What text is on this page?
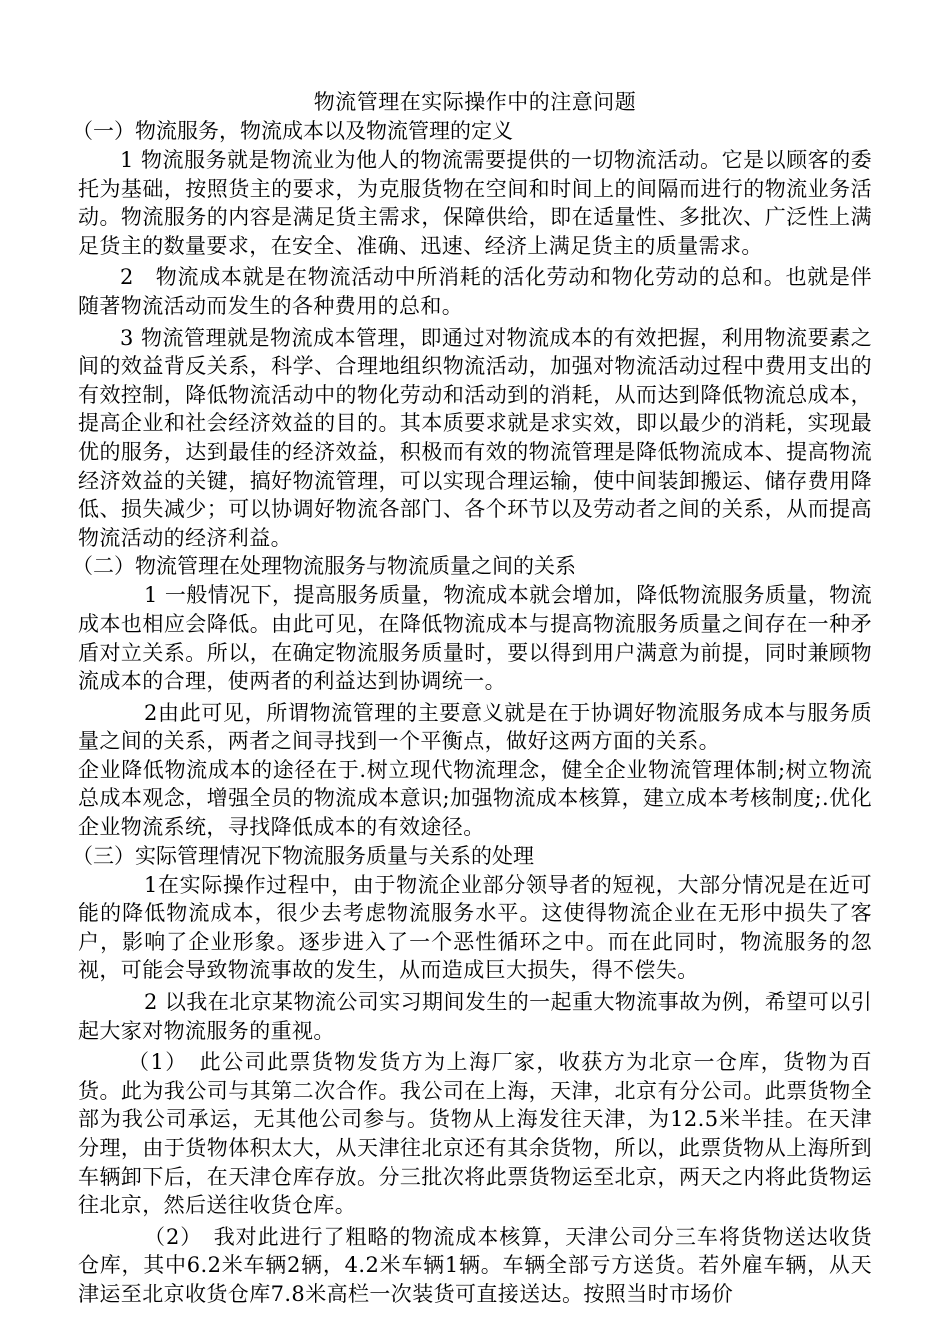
物流管理在实际操作中的注意问题

（一）物流服务，物流成本以及物流管理的定义

1 物流服务就是物流业为他人的物流需要提供的一切物流活动。它是以顾客的委托为基础，按照货主的要求，为克服货物在空间和时间上的间隔而进行的物流业务活动。物流服务的内容是满足货主需求，保障供给，即在适量性、多批次、广泛性上满足货主的数量要求，在安全、准确、迅速、经济上满足货主的质量需求。

2　物流成本就是在物流活动中所消耗的活化劳动和物化劳动的总和。也就是伴随著物流活动而发生的各种费用的总和。

3 物流管理就是物流成本管理，即通过对物流成本的有效把握，利用物流要素之间的效益背反关系，科学、合理地组织物流活动，加强对物流活动过程中费用支出的有效控制，降低物流活动中的物化劳动和活动到的消耗，从而达到降低物流总成本，提高企业和社会经济效益的目的。其本质要求就是求实效，即以最少的消耗，实现最优的服务，达到最佳的经济效益，积极而有效的物流管理是降低物流成本、提高物流经济效益的关键，搞好物流管理，可以实现合理运输，使中间装卸搬运、储存费用降低、损失减少；可以协调好物流各部门、各个环节以及劳动者之间的关系，从而提高物流活动的经济利益。

（二）物流管理在处理物流服务与物流质量之间的关系

1 一般情况下，提高服务质量，物流成本就会增加，降低物流服务质量，物流成本也相应会降低。由此可见，在降低物流成本与提高物流服务质量之间存在一种矛盾对立关系。所以，在确定物流服务质量时，要以得到用户满意为前提，同时兼顾物流成本的合理，使两者的利益达到协调统一。

2由此可见，所谓物流管理的主要意义就是在于协调好物流服务成本与服务质量之间的关系，两者之间寻找到一个平衡点，做好这两方面的关系。

企业降低物流成本的途径在于.树立现代物流理念，健全企业物流管理体制;树立物流总成本观念，增强全员的物流成本意识;加强物流成本核算，建立成本考核制度;.优化企业物流系统，寻找降低成本的有效途径。

（三）实际管理情况下物流服务质量与关系的处理

1在实际操作过程中，由于物流企业部分领导者的短视，大部分情况是在近可能的降低物流成本，很少去考虑物流服务水平。这使得物流企业在无形中损失了客户，影响了企业形象。逐步进入了一个恶性循环之中。而在此同时，物流服务的忽视，可能会导致物流事故的发生，从而造成巨大损失，得不偿失。

2 以我在北京某物流公司实习期间发生的一起重大物流事故为例，希望可以引起大家对物流服务的重视。

（1）　此公司此票货物发货方为上海厂家，收获方为北京一仓库，货物为百货。此为我公司与其第二次合作。我公司在上海，天津，北京有分公司。此票货物全部为我公司承运，无其他公司参与。货物从上海发往天津，为12.5米半挂。在天津分理，由于货物体积太大，从天津往北京还有其余货物，所以，此票货物从上海所到车辆卸下后，在天津仓库存放。分三批次将此票货物运至北京，两天之内将此货物运往北京，然后送往收货仓库。

（2）　我对此进行了粗略的物流成本核算，天津公司分三车将货物送达收货仓库，其中6.2米车辆2辆，4.2米车辆1辆。车辆全部亏方送货。若外雇车辆，从天津运至北京收货仓库7.8米高栏一次装货可直接送达。按照当时市场价
